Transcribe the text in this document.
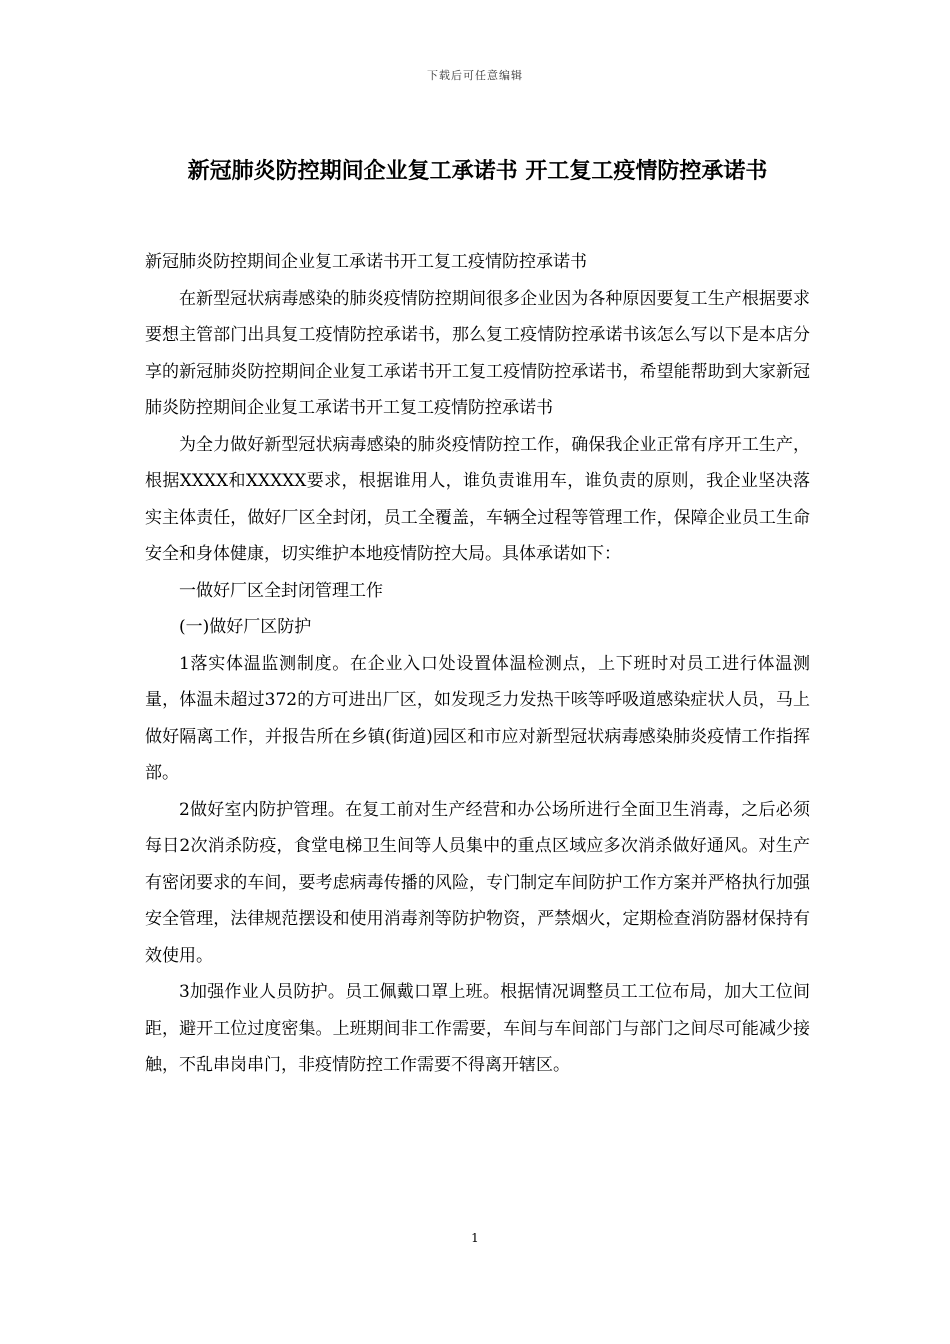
下载后可任意编辑
新冠肺炎防控期间企业复工承诺书 开工复工疫情防控承诺书

新冠肺炎防控期间企业复工承诺书开工复工疫情防控承诺书

在新型冠状病毒感染的肺炎疫情防控期间很多企业因为各种原因要复工生产根据要求要想主管部门出具复工疫情防控承诺书，那么复工疫情防控承诺书该怎么写以下是本店分享的新冠肺炎防控期间企业复工承诺书开工复工疫情防控承诺书，希望能帮助到大家新冠肺炎防控期间企业复工承诺书开工复工疫情防控承诺书

为全力做好新型冠状病毒感染的肺炎疫情防控工作，确保我企业正常有序开工生产，根据XXXX和XXXXX要求，根据谁用人，谁负责谁用车，谁负责的原则，我企业坚决落实主体责任，做好厂区全封闭，员工全覆盖，车辆全过程等管理工作，保障企业员工生命安全和身体健康，切实维护本地疫情防控大局。具体承诺如下：

一做好厂区全封闭管理工作

(一)做好厂区防护

1落实体温监测制度。在企业入口处设置体温检测点，上下班时对员工进行体温测量，体温未超过372的方可进出厂区，如发现乏力发热干咳等呼吸道感染症状人员，马上做好隔离工作，并报告所在乡镇(街道)园区和市应对新型冠状病毒感染肺炎疫情工作指挥部。

2做好室内防护管理。在复工前对生产经营和办公场所进行全面卫生消毒，之后必须每日2次消杀防疫，食堂电梯卫生间等人员集中的重点区域应多次消杀做好通风。对生产有密闭要求的车间，要考虑病毒传播的风险，专门制定车间防护工作方案并严格执行加强安全管理，法律规范摆设和使用消毒剂等防护物资，严禁烟火，定期检查消防器材保持有效使用。

3加强作业人员防护。员工佩戴口罩上班。根据情况调整员工工位布局，加大工位间距，避开工位过度密集。上班期间非工作需要，车间与车间部门与部门之间尽可能减少接触，不乱串岗串门，非疫情防控工作需要不得离开辖区。

1
